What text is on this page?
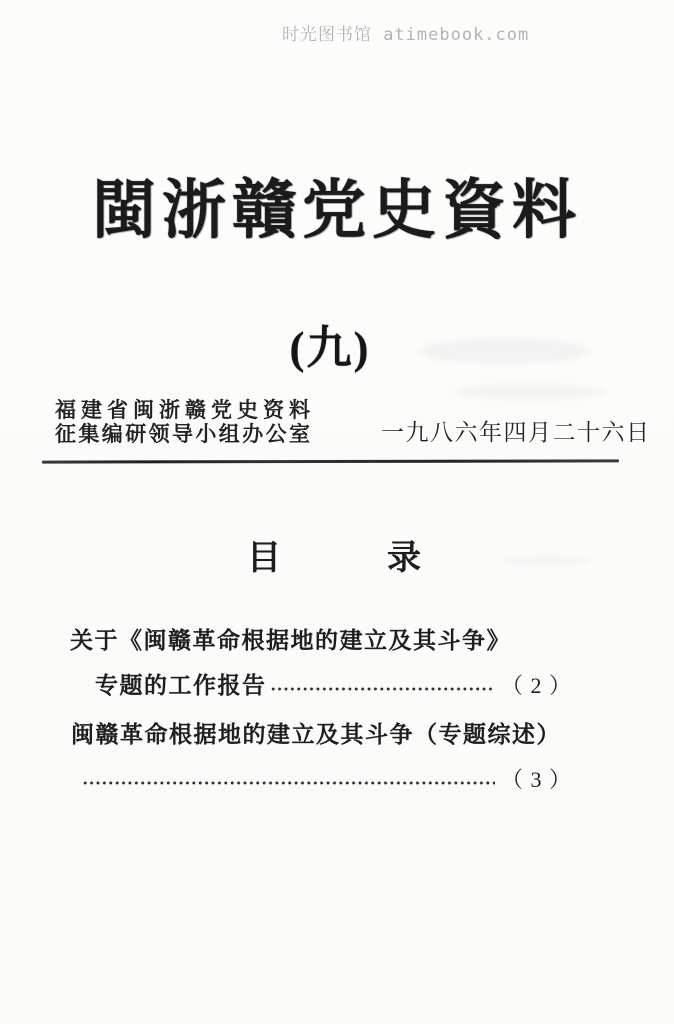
时光图书馆 atimebook.com

閩浙贛党史資料
(九)
福建省闽浙赣党史资料
征集编研领导小组办公室	一九八六年四月二十六日
目　　　录
关于《闽赣革命根据地的建立及其斗争》
专题的工作报告	（ 2 ）
闽赣革命根据地的建立及其斗争（专题综述）
（ 3 ）
